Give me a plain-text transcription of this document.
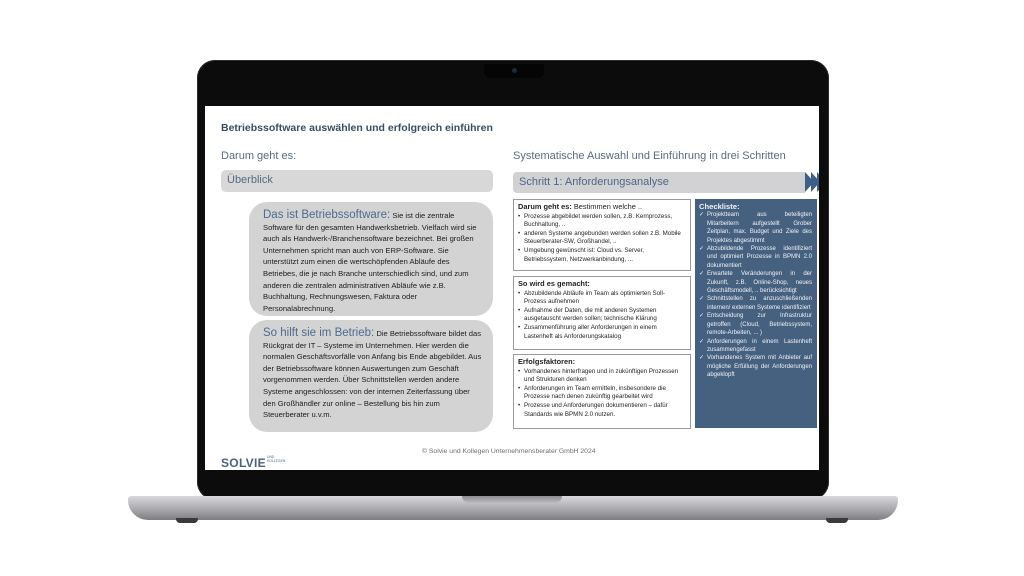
Betriebssoftware auswählen und erfolgreich einführen
Darum geht es:
Überblick
Das ist Betriebssoftware: Sie ist die zentrale Software für den gesamten Handwerksbetrieb. Vielfach wird sie auch als Handwerk-/Branchensoftware bezeichnet. Bei großen Unternehmen spricht man auch von ERP-Software. Sie unterstützt zum einen die wertschöpfenden Abläufe des Betriebes, die je nach Branche unterschiedlich sind, und zum anderen die zentralen administrativen Abläufe wie z.B. Buchhaltung, Rechnungswesen, Faktura oder Personalabrechnung.
So hilft sie im Betrieb: Die Betriebssoftware bildet das Rückgrat der IT – Systeme im Unternehmen. Hier werden die normalen Geschäftsvorfälle von Anfang bis Ende abgebildet. Aus der Betriebssoftware können Auswertungen zum Geschäft vorgenommen werden. Über Schnittstellen werden andere Systeme angeschlossen: von der internen Zeiterfassung über den Großhändler zur online – Bestellung bis hin zum Steuerberater u.v.m.
Systematische Auswahl und Einführung in drei Schritten
Schritt 1: Anforderungsanalyse
Darum geht es: Bestimmen welche ..
• Prozesse abgebildet werden sollen, z.B. Kernprozess, Buchhaltung, ..
• anderen Systeme angebunden werden sollen z.B. Mobile Steuerberater-SW, Großhandel, ..
• Umgebung gewünscht ist: Cloud vs. Server, Betriebssystem, Netzwerkanbindung, ...
So wird es gemacht:
• Abzubildende Abläufe im Team als optimierten Soll-Prozess aufnehmen
• Aufnahme der Daten, die mit anderen Systemen ausgetauscht werden sollen; technische Klärung
• Zusammenführung aller Anforderungen in einem Lastenheft als Anforderungskatalog
Erfolgsfaktoren:
• Vorhandenes hinterfragen und in zukünftigen Prozessen und Strukturen denken
• Anforderungen im Team ermitteln, insbesondere die Prozesse nach denen zukünftig gearbeitet wird
• Prozesse und Anforderungen dokumentieren – dafür Standards wie BPMN 2.0 nutzen.
Checkliste:
✓ Projektteam aus beteiligten Mitarbeitern aufgestellt Grober Zeitplan, max. Budget und Ziele des Projektes abgestimmt
✓ Abzubildende Prozesse identifiziert und optimiert Prozesse in BPMN 2.0 dokumentiert
✓ Erwartete Veränderungen in der Zukunft, z.B. Online-Shop, neues Geschäftsmodell, .. berücksichtigt
✓ Schnittstellen zu anzuschließenden internen/ externen Systeme identifiziert
✓ Entscheidung zur Infrastruktur getroffen (Cloud, Betriebssystem, remote-Arbeiten, ... )
✓ Anforderungen in einem Lastenheft zusammengefasst
✓ Vorhandenes System mit Anbieter auf mögliche Erfüllung der Anforderungen abgeklopft
SOLVIE UND KOLLEGEN
© Solvie und Kollegen Unternehmensberater GmbH 2024
